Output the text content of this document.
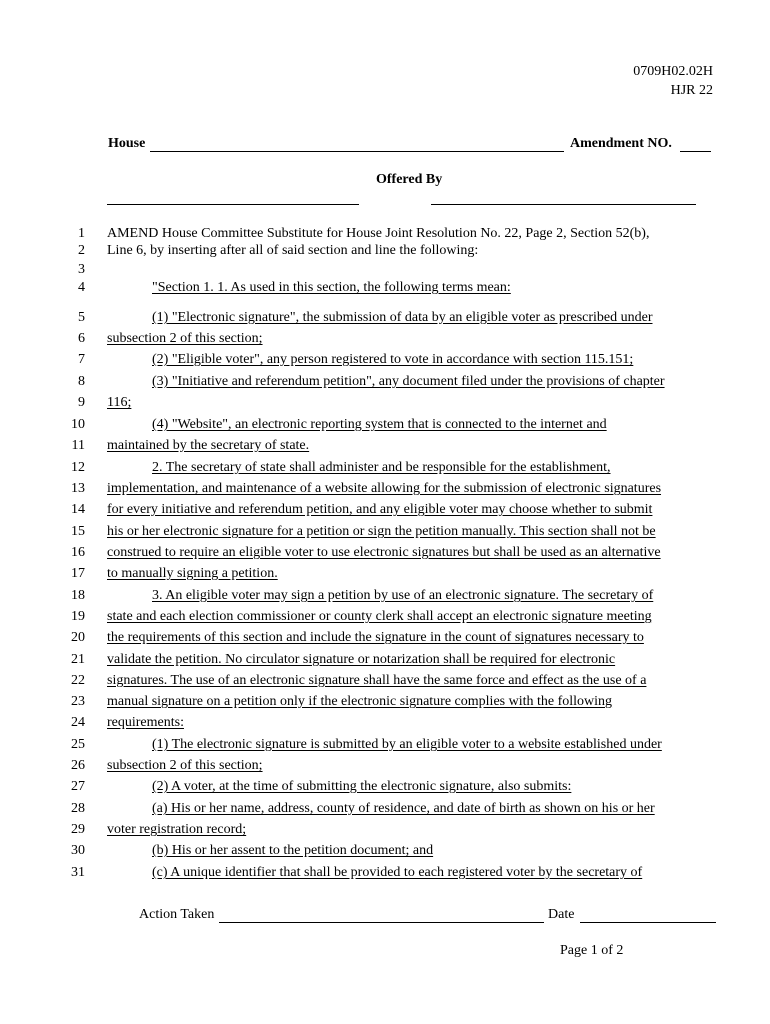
0709H02.02H
HJR 22
House	Amendment NO.
Offered By
1 AMEND House Committee Substitute for House Joint Resolution No. 22, Page 2, Section 52(b),
2 Line 6, by inserting after all of said section and line the following:
3
4	"Section 1. 1. As used in this section, the following terms mean:
5	(1) "Electronic signature", the submission of data by an eligible voter as prescribed under
6 subsection 2 of this section;
7	(2) "Eligible voter", any person registered to vote in accordance with section 115.151;
8	(3) "Initiative and referendum petition", any document filed under the provisions of chapter
9 116;
10	(4) "Website", an electronic reporting system that is connected to the internet and
11 maintained by the secretary of state.
12	2. The secretary of state shall administer and be responsible for the establishment,
13 implementation, and maintenance of a website allowing for the submission of electronic signatures
14 for every initiative and referendum petition, and any eligible voter may choose whether to submit
15 his or her electronic signature for a petition or sign the petition manually. This section shall not be
16 construed to require an eligible voter to use electronic signatures but shall be used as an alternative
17 to manually signing a petition.
18	3. An eligible voter may sign a petition by use of an electronic signature. The secretary of
19 state and each election commissioner or county clerk shall accept an electronic signature meeting
20 the requirements of this section and include the signature in the count of signatures necessary to
21 validate the petition. No circulator signature or notarization shall be required for electronic
22 signatures. The use of an electronic signature shall have the same force and effect as the use of a
23 manual signature on a petition only if the electronic signature complies with the following
24 requirements:
25	(1) The electronic signature is submitted by an eligible voter to a website established under
26 subsection 2 of this section;
27	(2) A voter, at the time of submitting the electronic signature, also submits:
28	(a) His or her name, address, county of residence, and date of birth as shown on his or her
29 voter registration record;
30	(b) His or her assent to the petition document; and
31	(c) A unique identifier that shall be provided to each registered voter by the secretary of
Action Taken	Date
Page 1 of 2
